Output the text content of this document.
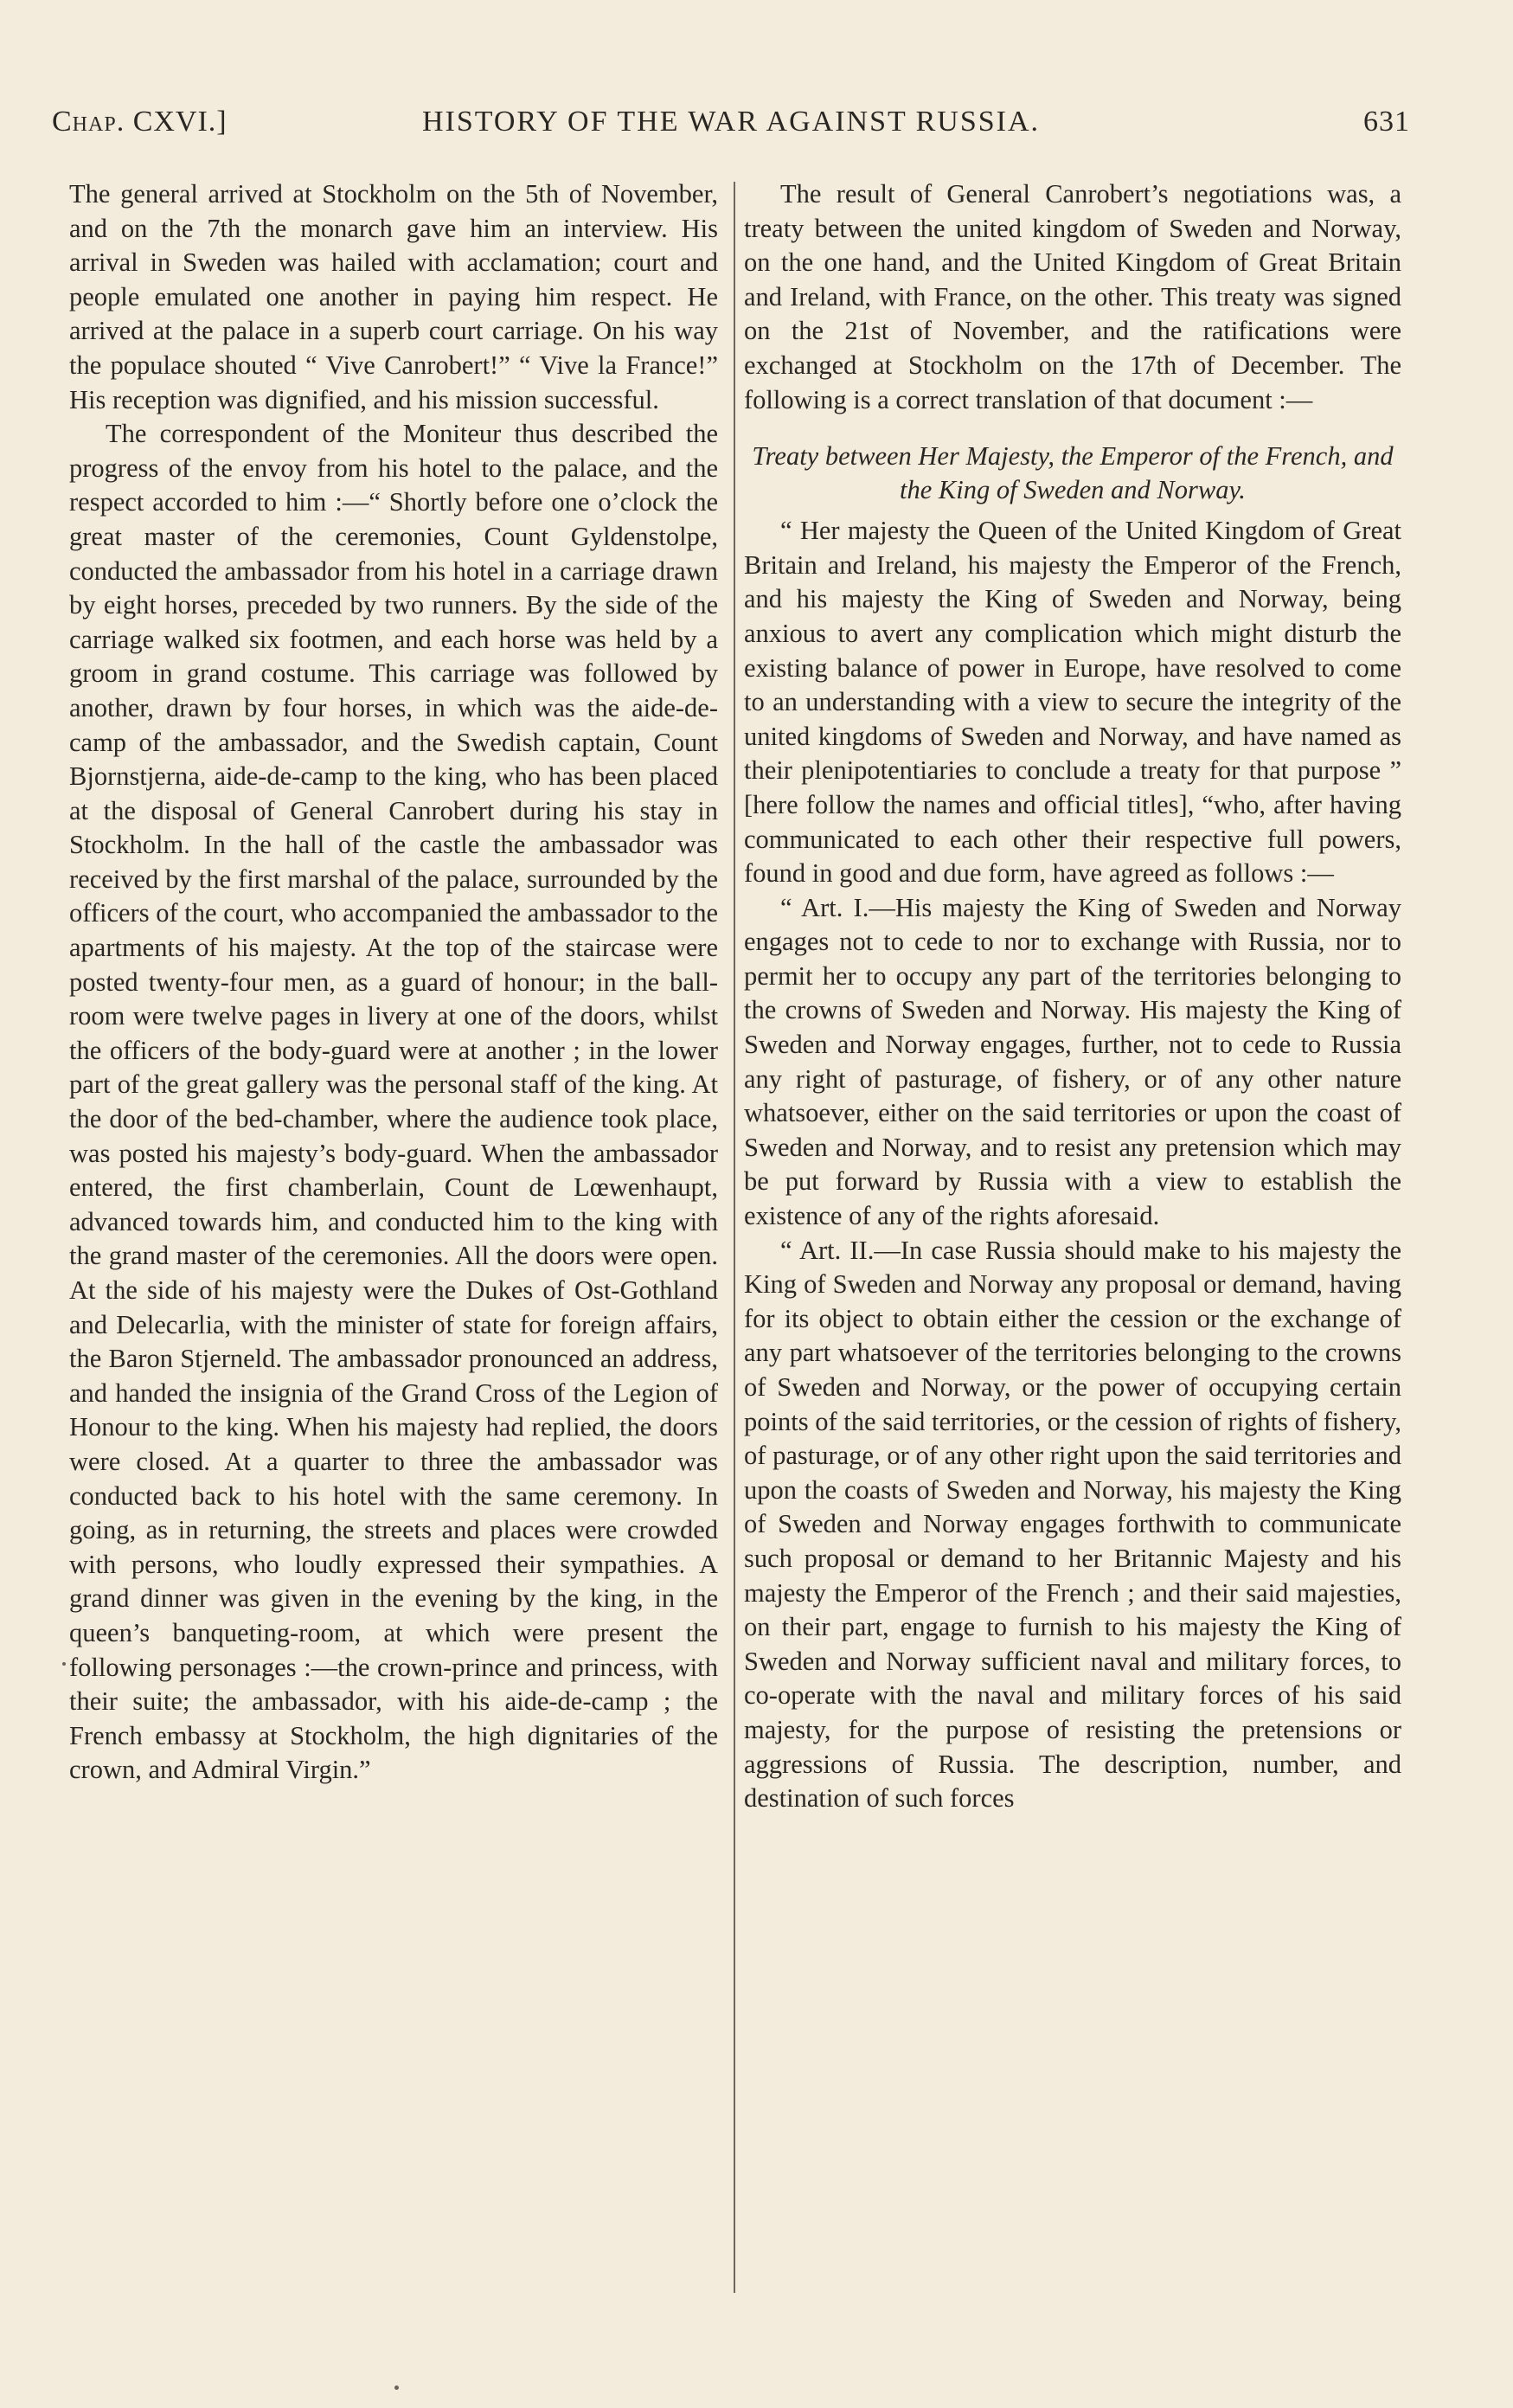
Chap. CXVI.]	HISTORY OF THE WAR AGAINST RUSSIA.	631

The general arrived at Stockholm on the 5th of November, and on the 7th the monarch gave him an interview. His arrival in Sweden was hailed with acclamation; court and people emulated one another in paying him respect. He arrived at the palace in a superb court carriage. On his way the populace shouted “ Vive Canrobert!” “ Vive la France!” His reception was dignified, and his mission successful.

The correspondent of the Moniteur thus described the progress of the envoy from his hotel to the palace, and the respect accorded to him :—“ Shortly before one o’clock the great master of the ceremonies, Count Gyldenstolpe, conducted the ambassador from his hotel in a carriage drawn by eight horses, preceded by two runners. By the side of the carriage walked six footmen, and each horse was held by a groom in grand costume. This carriage was followed by another, drawn by four horses, in which was the aide-de-camp of the ambassador, and the Swedish captain, Count Bjornstjerna, aide-de-camp to the king, who has been placed at the disposal of General Canrobert during his stay in Stockholm. In the hall of the castle the ambassador was received by the first marshal of the palace, surrounded by the officers of the court, who accompanied the ambassador to the apartments of his majesty. At the top of the staircase were posted twenty-four men, as a guard of honour; in the ball-room were twelve pages in livery at one of the doors, whilst the officers of the body-guard were at another ; in the lower part of the great gallery was the personal staff of the king. At the door of the bed-chamber, where the audience took place, was posted his majesty’s body-guard. When the ambassador entered, the first chamberlain, Count de Lœwenhaupt, advanced towards him, and conducted him to the king with the grand master of the ceremonies. All the doors were open. At the side of his majesty were the Dukes of Ost-Gothland and Delecarlia, with the minister of state for foreign affairs, the Baron Stjerneld. The ambassador pronounced an address, and handed the insignia of the Grand Cross of the Legion of Honour to the king. When his majesty had replied, the doors were closed. At a quarter to three the ambassador was conducted back to his hotel with the same ceremony. In going, as in returning, the streets and places were crowded with persons, who loudly expressed their sympathies. A grand dinner was given in the evening by the king, in the queen’s banqueting-room, at which were present the following personages :—the crown-prince and princess, with their suite; the ambassador, with his aide-de-camp ; the French embassy at Stockholm, the high dignitaries of the crown, and Admiral Virgin.”

The result of General Canrobert’s negotiations was, a treaty between the united kingdom of Sweden and Norway, on the one hand, and the United Kingdom of Great Britain and Ireland, with France, on the other. This treaty was signed on the 21st of November, and the ratifications were exchanged at Stockholm on the 17th of December. The following is a correct translation of that document :—

Treaty between Her Majesty, the Emperor of the French, and the King of Sweden and Norway.

“ Her majesty the Queen of the United Kingdom of Great Britain and Ireland, his majesty the Emperor of the French, and his majesty the King of Sweden and Norway, being anxious to avert any complication which might disturb the existing balance of power in Europe, have resolved to come to an understanding with a view to secure the integrity of the united kingdoms of Sweden and Norway, and have named as their plenipotentiaries to conclude a treaty for that purpose ” [here follow the names and official titles], “who, after having communicated to each other their respective full powers, found in good and due form, have agreed as follows :—

“ Art. I.—His majesty the King of Sweden and Norway engages not to cede to nor to exchange with Russia, nor to permit her to occupy any part of the territories belonging to the crowns of Sweden and Norway. His majesty the King of Sweden and Norway engages, further, not to cede to Russia any right of pasturage, of fishery, or of any other nature whatsoever, either on the said territories or upon the coast of Sweden and Norway, and to resist any pretension which may be put forward by Russia with a view to establish the existence of any of the rights aforesaid.

“ Art. II.—In case Russia should make to his majesty the King of Sweden and Norway any proposal or demand, having for its object to obtain either the cession or the exchange of any part whatsoever of the territories belonging to the crowns of Sweden and Norway, or the power of occupying certain points of the said territories, or the cession of rights of fishery, of pasturage, or of any other right upon the said territories and upon the coasts of Sweden and Norway, his majesty the King of Sweden and Norway engages forthwith to communicate such proposal or demand to her Britannic Majesty and his majesty the Emperor of the French ; and their said majesties, on their part, engage to furnish to his majesty the King of Sweden and Norway sufficient naval and military forces, to co-operate with the naval and military forces of his said majesty, for the purpose of resisting the pretensions or aggressions of Russia. The description, number, and destination of such forces
